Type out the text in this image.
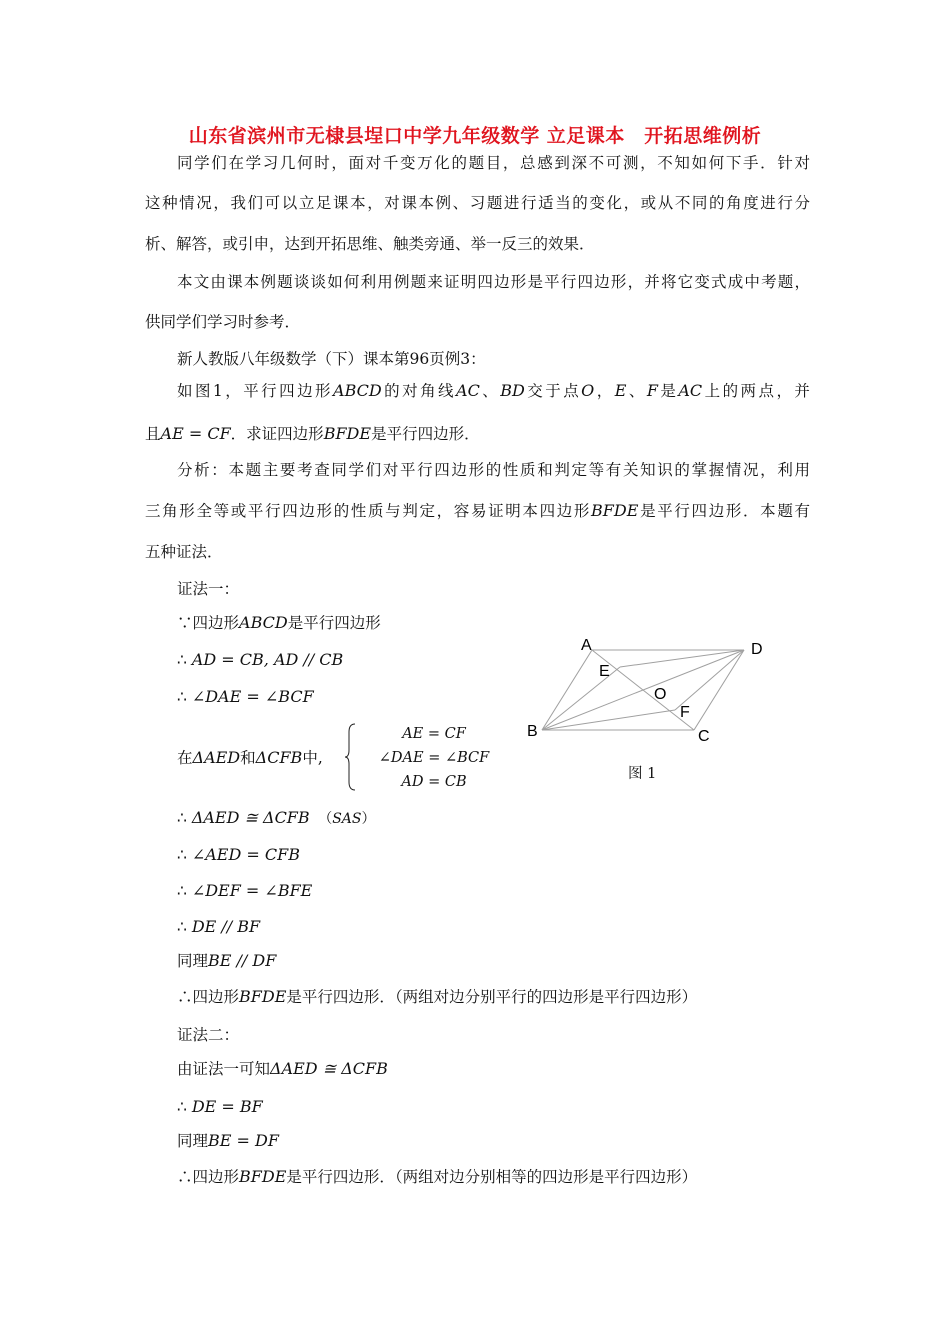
山东省滨州市无棣县埕口中学九年级数学 立足课本　开拓思维例析
同学们在学习几何时，面对千变万化的题目，总感到深不可测，不知如何下手．针对
这种情况，我们可以立足课本，对课本例、习题进行适当的变化，或从不同的角度进行分
析、解答，或引申，达到开拓思维、触类旁通、举一反三的效果．
本文由课本例题谈谈如何利用例题来证明四边形是平行四边形，并将它变式成中考题，
供同学们学习时参考．
新人教版八年级数学（下）课本第96页例3：
如图1，平行四边形ABCD的对角线AC、BD交于点O，E、F是AC上的两点，并
且AE = CF．求证四边形BFDE是平行四边形．
分析：本题主要考查同学们对平行四边形的性质和判定等有关知识的掌握情况，利用
三角形全等或平行四边形的性质与判定，容易证明本四边形BFDE是平行四边形．本题有
五种证法．
证法一：
∵四边形ABCD是平行四边形
∴ AD = CB, AD // CB
∴ ∠DAE = ∠BCF
在ΔAED和ΔCFB中,
AE = CF
∠DAE = ∠BCF
AD = CB
∴ ΔAED ≅ ΔCFB　 （SAS）
∴ ∠AED = CFB
∴ ∠DEF = ∠BFE
∴ DE // BF
同理BE // DF
∴四边形BFDE是平行四边形．（两组对边分别平行的四边形是平行四边形）
证法二：
由证法一可知ΔAED ≅ ΔCFB
∴ DE = BF
同理BE = DF
∴四边形BFDE是平行四边形．（两组对边分别相等的四边形是平行四边形）
A	D
E
O
F
B	C
图 1
